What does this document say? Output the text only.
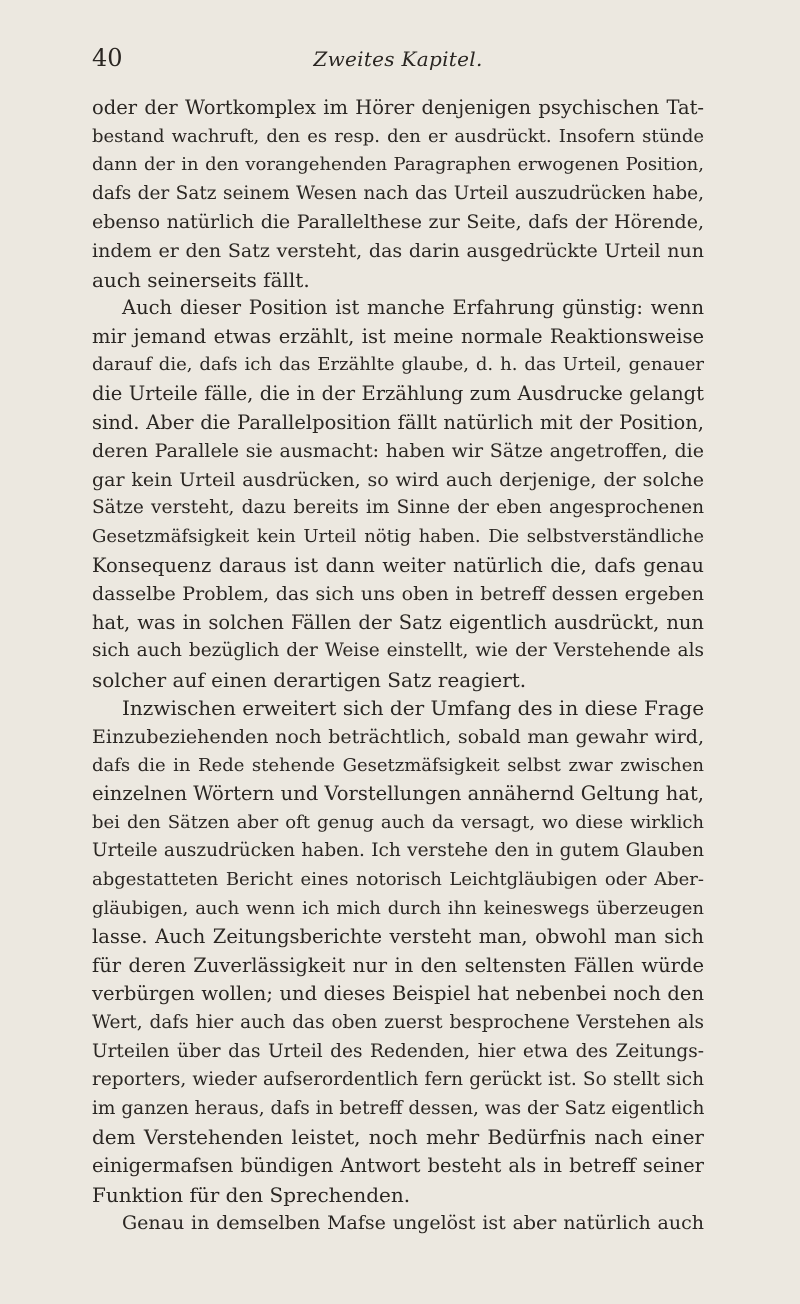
40	Zweites Kapitel.
oder der Wortkomplex im Hörer denjenigen psychischen Tat-
bestand wachruft, den es resp. den er ausdrückt. Insofern stünde
dann der in den vorangehenden Paragraphen erwogenen Position,
dafs der Satz seinem Wesen nach das Urteil auszudrücken habe,
ebenso natürlich die Parallelthese zur Seite, dafs der Hörende,
indem er den Satz versteht, das darin ausgedrückte Urteil nun
auch seinerseits fällt.
Auch dieser Position ist manche Erfahrung günstig: wenn
mir jemand etwas erzählt, ist meine normale Reaktionsweise
darauf die, dafs ich das Erzählte glaube, d. h. das Urteil, genauer
die Urteile fälle, die in der Erzählung zum Ausdrucke gelangt
sind. Aber die Parallelposition fällt natürlich mit der Position,
deren Parallele sie ausmacht: haben wir Sätze angetroffen, die
gar kein Urteil ausdrücken, so wird auch derjenige, der solche
Sätze versteht, dazu bereits im Sinne der eben angesprochenen
Gesetzmäfsigkeit kein Urteil nötig haben. Die selbstverständliche
Konsequenz daraus ist dann weiter natürlich die, dafs genau
dasselbe Problem, das sich uns oben in betreff dessen ergeben
hat, was in solchen Fällen der Satz eigentlich ausdrückt, nun
sich auch bezüglich der Weise einstellt, wie der Verstehende als
solcher auf einen derartigen Satz reagiert.
Inzwischen erweitert sich der Umfang des in diese Frage
Einzubeziehenden noch beträchtlich, sobald man gewahr wird,
dafs die in Rede stehende Gesetzmäfsigkeit selbst zwar zwischen
einzelnen Wörtern und Vorstellungen annähernd Geltung hat,
bei den Sätzen aber oft genug auch da versagt, wo diese wirklich
Urteile auszudrücken haben. Ich verstehe den in gutem Glauben
abgestatteten Bericht eines notorisch Leichtgläubigen oder Aber-
gläubigen, auch wenn ich mich durch ihn keineswegs überzeugen
lasse. Auch Zeitungsberichte versteht man, obwohl man sich
für deren Zuverlässigkeit nur in den seltensten Fällen würde
verbürgen wollen; und dieses Beispiel hat nebenbei noch den
Wert, dafs hier auch das oben zuerst besprochene Verstehen als
Urteilen über das Urteil des Redenden, hier etwa des Zeitungs-
reporters, wieder aufserordentlich fern gerückt ist. So stellt sich
im ganzen heraus, dafs in betreff dessen, was der Satz eigentlich
dem Verstehenden leistet, noch mehr Bedürfnis nach einer
einigermafsen bündigen Antwort besteht als in betreff seiner
Funktion für den Sprechenden.
Genau in demselben Mafse ungelöst ist aber natürlich auch
